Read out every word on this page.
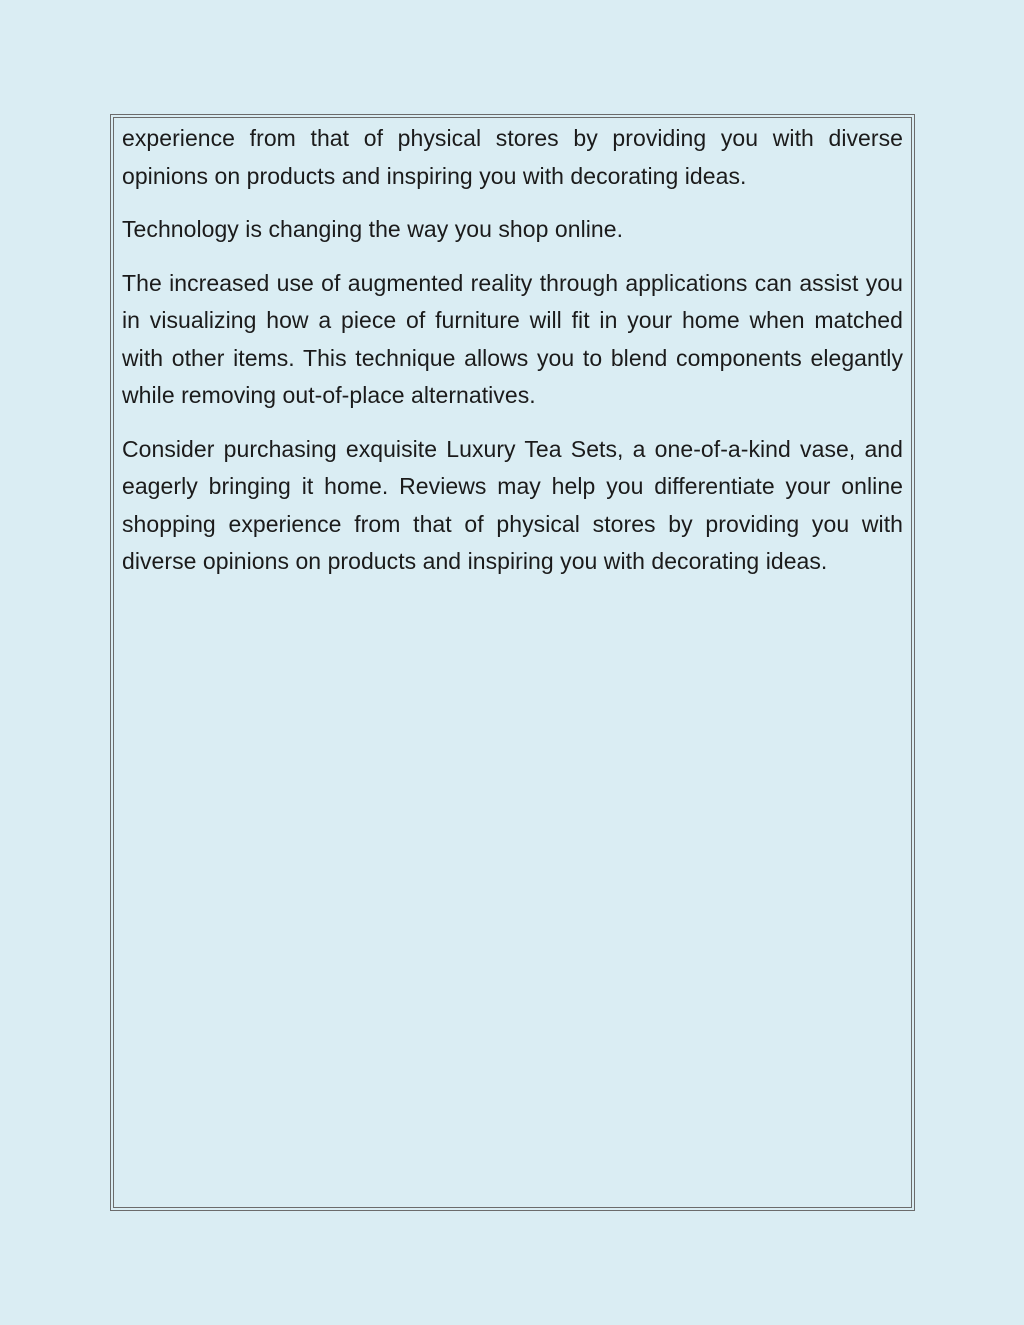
experience from that of physical stores by providing you with diverse opinions on products and inspiring you with decorating ideas.

Technology is changing the way you shop online.

The increased use of augmented reality through applications can assist you in visualizing how a piece of furniture will fit in your home when matched with other items. This technique allows you to blend components elegantly while removing out-of-place alternatives.

Consider purchasing exquisite Luxury Tea Sets, a one-of-a-kind vase, and eagerly bringing it home. Reviews may help you differentiate your online shopping experience from that of physical stores by providing you with diverse opinions on products and inspiring you with decorating ideas.
